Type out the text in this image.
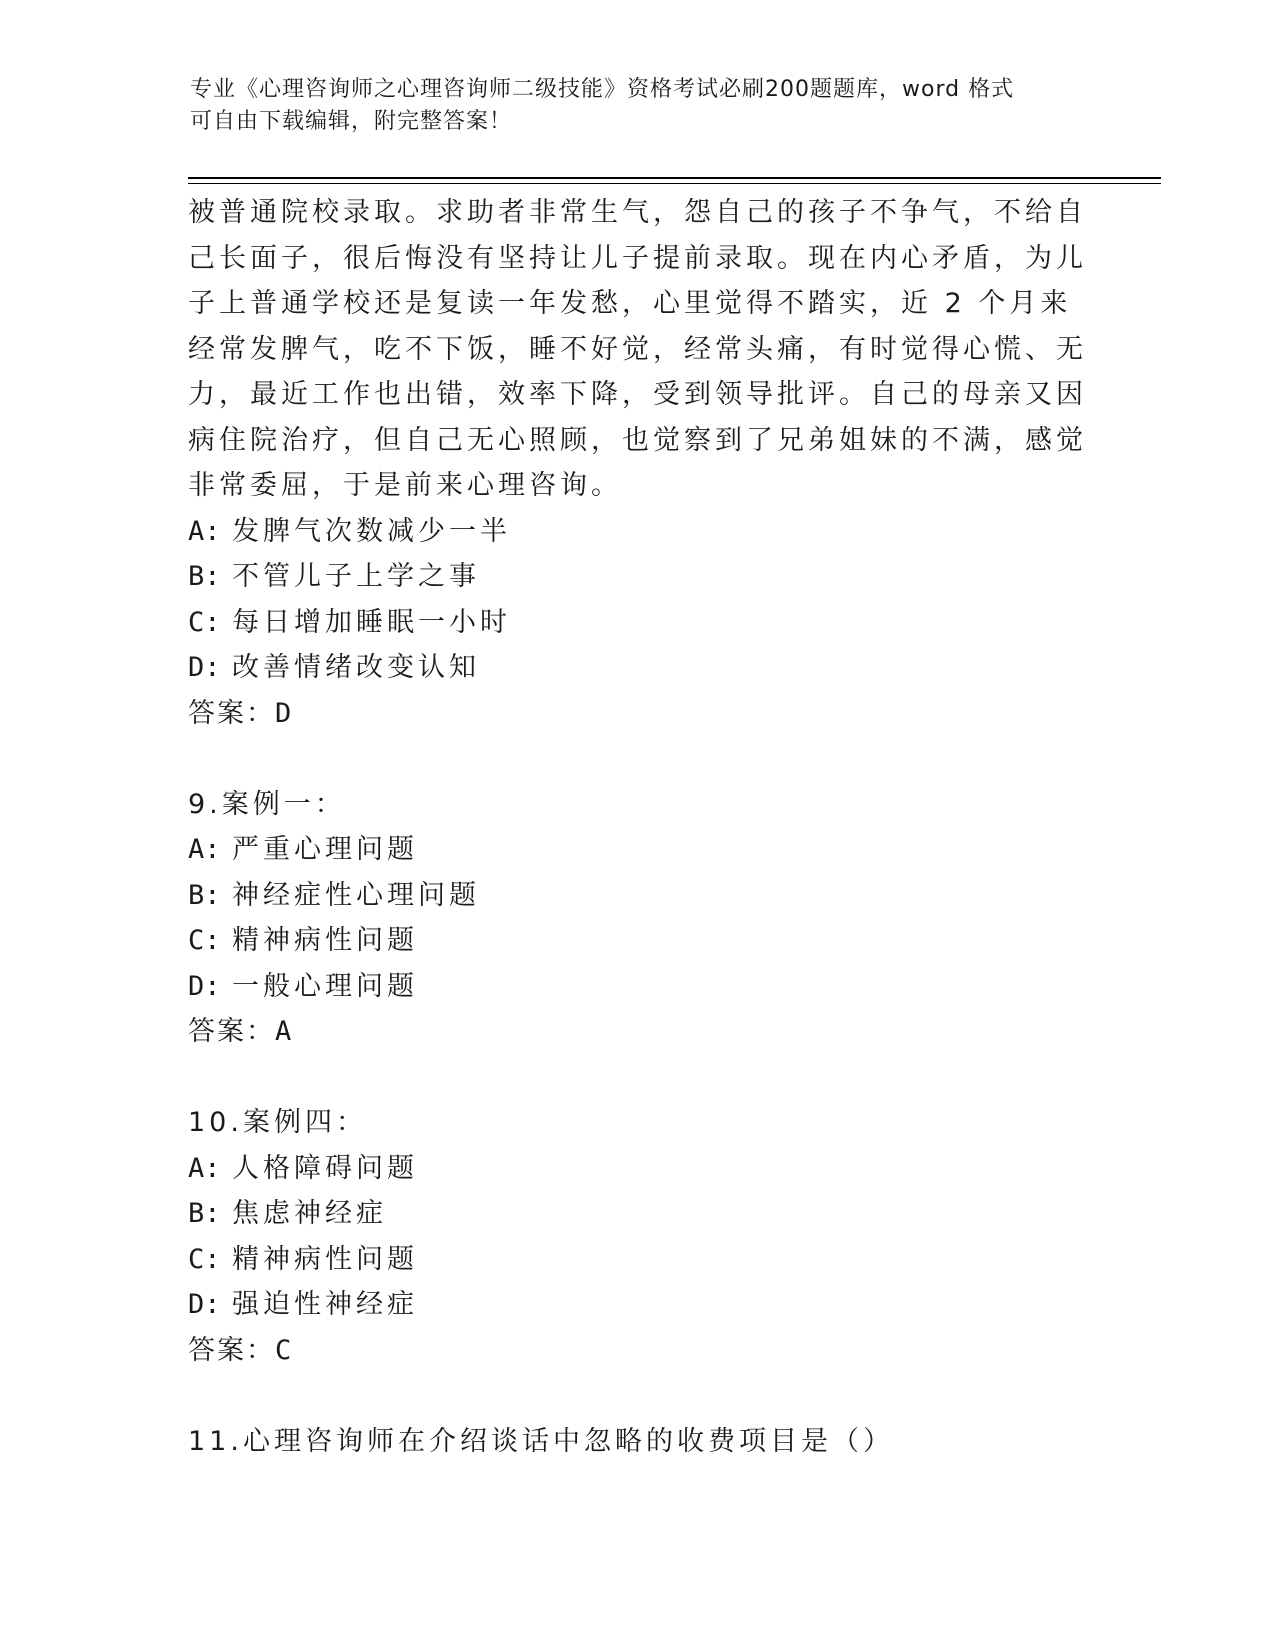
专业《心理咨询师之心理咨询师二级技能》资格考试必刷200题题库，word 格式
可自由下载编辑，附完整答案！

被普通院校录取。求助者非常生气，怨自己的孩子不争气，不给自己长面子，很后悔没有坚持让儿子提前录取。现在内心矛盾，为儿子上普通学校还是复读一年发愁，心里觉得不踏实，近 2 个月来经常发脾气，吃不下饭，睡不好觉，经常头痛，有时觉得心慌、无力，最近工作也出错，效率下降，受到领导批评。自己的母亲又因病住院治疗，但自己无心照顾，也觉察到了兄弟姐妹的不满，感觉非常委屈，于是前来心理咨询。

A: 发脾气次数减少一半
B: 不管儿子上学之事
C: 每日增加睡眠一小时
D: 改善情绪改变认知
答案：D
9.案例一：
A: 严重心理问题
B: 神经症性心理问题
C: 精神病性问题
D: 一般心理问题
答案：A
10.案例四：
A: 人格障碍问题
B: 焦虑神经症
C: 精神病性问题
D: 强迫性神经症
答案：C
11.心理咨询师在介绍谈话中忽略的收费项目是（）
